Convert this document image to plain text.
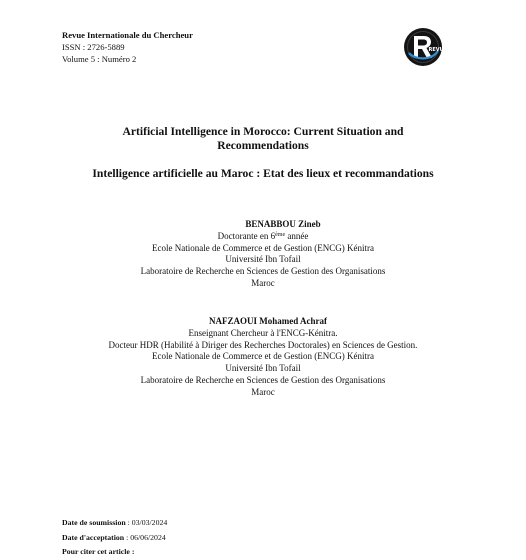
Revue Internationale du Chercheur
ISSN : 2726-5889
Volume 5 : Numéro 2
REVUE
Artificial Intelligence in Morocco: Current Situation and
Recommendations
Intelligence artificielle au Maroc : Etat des lieux et recommandations
BENABBOU Zineb
Doctorante en 6ème année
Ecole Nationale de Commerce et de Gestion (ENCG) Kénitra
Université Ibn Tofail
Laboratoire de Recherche en Sciences de Gestion des Organisations
Maroc
NAFZAOUI Mohamed Achraf
Enseignant Chercheur à l'ENCG-Kénitra.
Docteur HDR (Habilité à Diriger des Recherches Doctorales) en Sciences de Gestion.
Ecole Nationale de Commerce et de Gestion (ENCG) Kénitra
Université Ibn Tofail
Laboratoire de Recherche en Sciences de Gestion des Organisations
Maroc
Date de soumission : 03/03/2024
Date d'acceptation : 06/06/2024
Pour citer cet article :
